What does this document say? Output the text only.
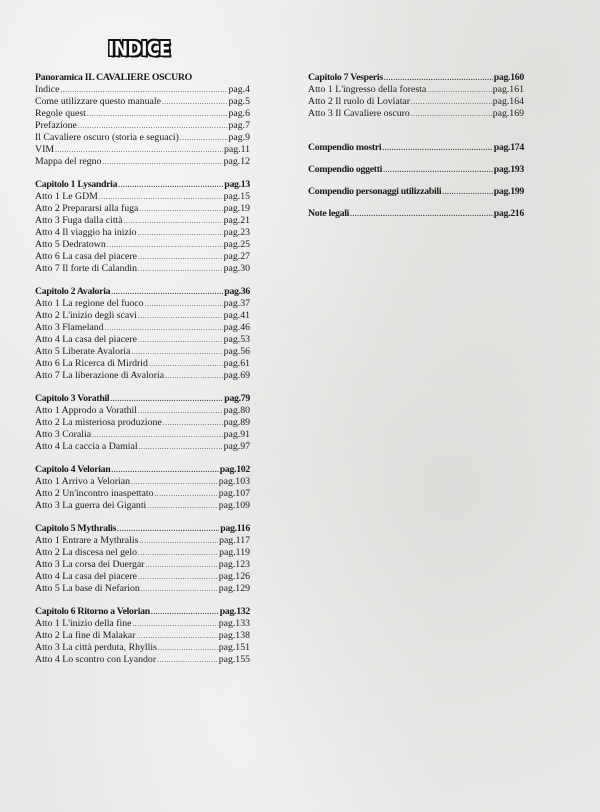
INDICE
Panoramica IL CAVALIERE OSCURO
Indice .....	pag.4
Come utilizzare questo manuale .....	pag.5
Regole quest .....	pag.6
Prefazione .....	pag.7
Il Cavaliere oscuro (storia e seguaci) .....	pag.9
VIM .....	pag.11
Mappa del regno .....	pag.12
Capitolo 1 Lysandria .....	pag.13
Atto 1 Le GDM .....	pag.15
Atto 2 Prepararsi alla fuga .....	pag.19
Atto 3 Fuga dalla città .....	pag.21
Atto 4 Il viaggio ha inizio .....	pag.23
Atto 5 Dedratown .....	pag.25
Atto 6 La casa del piacere .....	pag.27
Atto 7 Il forte di Calandin .....	pag.30
Capitolo 2 Avaloria .....	pag.36
Atto 1 La regione del fuoco .....	pag.37
Atto 2 L'inizio degli scavi .....	pag.41
Atto 3 Flameland .....	pag.46
Atto 4 La casa del piacere .....	pag.53
Atto 5 Liberate Avaloria .....	pag.56
Atto 6 La Ricerca di Mirdrid .....	pag.61
Atto 7 La liberazione di Avaloria .....	pag.69
Capitolo 3 Vorathil .....	pag.79
Atto 1 Approdo a Vorathil .....	pag.80
Atto 2 La misteriosa produzione .....	pag.89
Atto 3 Coralia .....	pag.91
Atto 4 La caccia a Damial .....	pag.97
Capitolo 4 Velorian .....	pag.102
Atto 1 Arrivo a Velorian .....	pag.103
Atto 2 Un'incontro inaspettato .....	pag.107
Atto 3 La guerra dei Giganti .....	pag.109
Capitolo 5 Mythralis .....	pag.116
Atto 1 Entrare a Mythralis .....	pag.117
Atto 2 La discesa nel gelo .....	pag.119
Atto 3 La corsa dei Duergar .....	pag.123
Atto 4 La casa del piacere .....	pag.126
Atto 5 La base di Nefarion .....	pag.129
Capitolo 6 Ritorno a Velorian .....	pag.132
Atto 1 L'inizio della fine .....	pag.133
Atto 2 La fine di Malakar .....	pag.138
Atto 3 La città perduta, Rhyllis .....	pag.151
Atto 4 Lo scontro con Lyandor .....	pag.155
Capitolo 7 Vesperis .....	pag.160
Atto 1 L'ingresso della foresta .....	pag.161
Atto 2 Il ruolo di Loviatar .....	pag.164
Atto 3 Il Cavaliere oscuro .....	pag.169
Compendio mostri .....	pag.174
Compendio oggetti .....	pag.193
Compendio personaggi utilizzabili .....	pag.199
Note legali .....	pag.216
